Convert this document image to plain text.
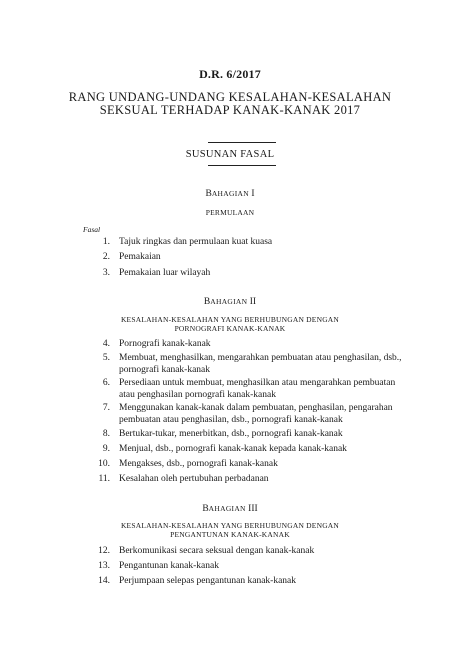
D.R. 6/2017
RANG UNDANG-UNDANG KESALAHAN-KESALAHAN
SEKSUAL TERHADAP KANAK-KANAK 2017
SUSUNAN FASAL
Fasal
BAHAGIAN I
PERMULAAN
1. Tajuk ringkas dan permulaan kuat kuasa
2. Pemakaian
3. Pemakaian luar wilayah
BAHAGIAN II
KESALAHAN-KESALAHAN YANG BERHUBUNGAN DENGAN
PORNOGRAFI KANAK-KANAK
4. Pornografi kanak-kanak
5. Membuat, menghasilkan, mengarahkan pembuatan atau penghasilan, dsb.,
pornografi kanak-kanak
6. Persediaan untuk membuat, menghasilkan atau mengarahkan pembuatan
atau penghasilan pornografi kanak-kanak
7. Menggunakan kanak-kanak dalam pembuatan, penghasilan, pengarahan
pembuatan atau penghasilan, dsb., pornografi kanak-kanak
8. Bertukar-tukar, menerbitkan, dsb., pornografi kanak-kanak
9. Menjual, dsb., pornografi kanak-kanak kepada kanak-kanak
10. Mengakses, dsb., pornografi kanak-kanak
11. Kesalahan oleh pertubuhan perbadanan
BAHAGIAN III
KESALAHAN-KESALAHAN YANG BERHUBUNGAN DENGAN
PENGANTUNAN KANAK-KANAK
12. Berkomunikasi secara seksual dengan kanak-kanak
13. Pengantunan kanak-kanak
14. Perjumpaan selepas pengantunan kanak-kanak
